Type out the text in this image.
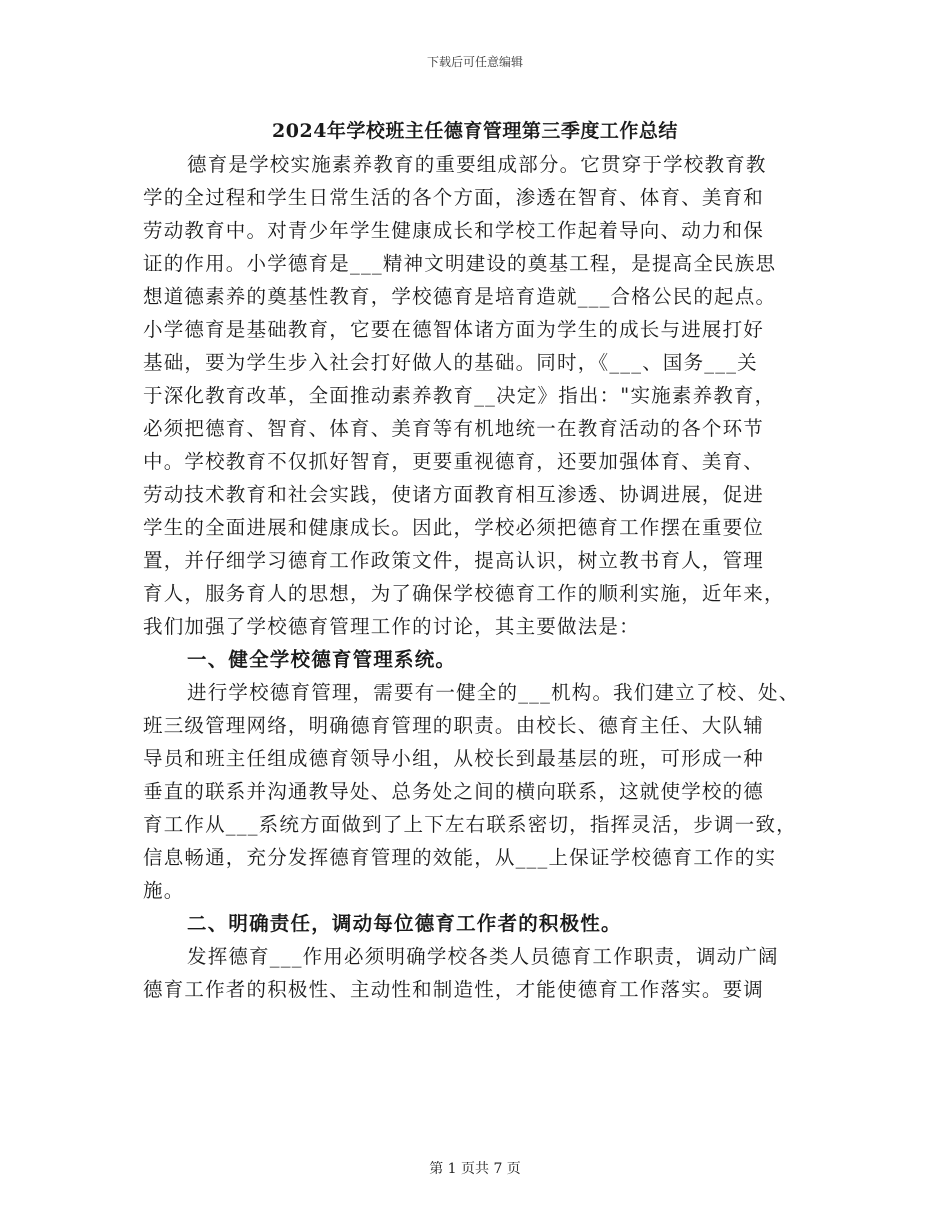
下载后可任意编辑
2024年学校班主任德育管理第三季度工作总结
德育是学校实施素养教育的重要组成部分。它贯穿于学校教育教
学的全过程和学生日常生活的各个方面，渗透在智育、体育、美育和
劳动教育中。对青少年学生健康成长和学校工作起着导向、动力和保
证的作用。小学德育是___精神文明建设的奠基工程，是提高全民族思
想道德素养的奠基性教育，学校德育是培育造就___合格公民的起点。
小学德育是基础教育，它要在德智体诸方面为学生的成长与进展打好
基础，要为学生步入社会打好做人的基础。同时，《___、国务___关
于深化教育改革，全面推动素养教育__决定》指出："实施素养教育，
必须把德育、智育、体育、美育等有机地统一在教育活动的各个环节
中。学校教育不仅抓好智育，更要重视德育，还要加强体育、美育、
劳动技术教育和社会实践，使诸方面教育相互渗透、协调进展，促进
学生的全面进展和健康成长。因此，学校必须把德育工作摆在重要位
置，并仔细学习德育工作政策文件，提高认识，树立教书育人，管理
育人，服务育人的思想，为了确保学校德育工作的顺利实施，近年来，
我们加强了学校德育管理工作的讨论，其主要做法是：
一、健全学校德育管理系统。
进行学校德育管理，需要有一健全的___机构。我们建立了校、处、
班三级管理网络，明确德育管理的职责。由校长、德育主任、大队辅
导员和班主任组成德育领导小组，从校长到最基层的班，可形成一种
垂直的联系并沟通教导处、总务处之间的横向联系，这就使学校的德
育工作从___系统方面做到了上下左右联系密切，指挥灵活，步调一致，
信息畅通，充分发挥德育管理的效能，从___上保证学校德育工作的实
施。
二、明确责任，调动每位德育工作者的积极性。
发挥德育___作用必须明确学校各类人员德育工作职责，调动广阔
德育工作者的积极性、主动性和制造性，才能使德育工作落实。要调
第 1 页共 7 页
